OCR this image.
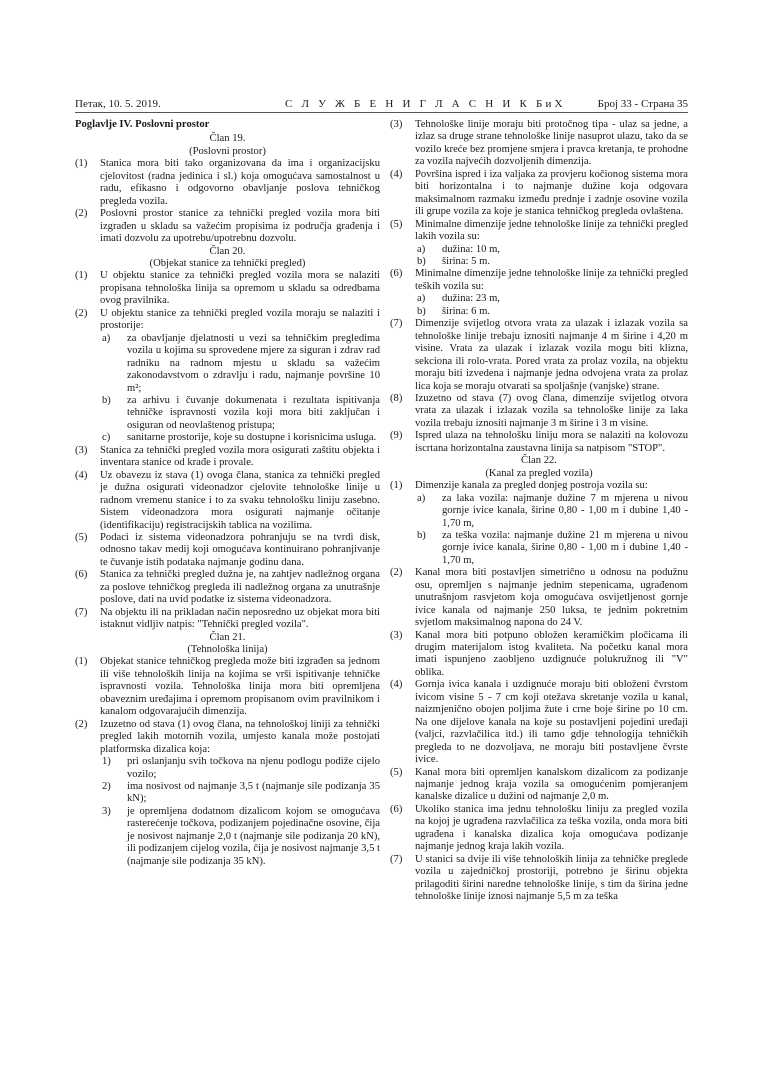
Петак, 10. 5. 2019.	С Л У Ж Б Е Н И Г Л А С Н И К БиХ	Број 33 - Страна 35
Poglavlje IV. Poslovni prostor
Član 19.
(Poslovni prostor)
(1) Stanica mora biti tako organizovana da ima i organizacijsku cjelovitost (radna jedinica i sl.) koja omogućava samostalnost u radu, efikasno i odgovorno obavljanje poslova tehničkog pregleda vozila.
(2) Poslovni prostor stanice za tehnički pregled vozila mora biti izgrađen u skladu sa važećim propisima iz područja građenja i imati dozvolu za upotrebu/upotrebnu dozvolu.
Član 20.
(Objekat stanice za tehnički pregled)
(1) U objektu stanice za tehnički pregled vozila mora se nalaziti propisana tehnološka linija sa opremom u skladu sa odredbama ovog pravilnika.
(2) U objektu stanice za tehnički pregled vozila moraju se nalaziti i prostorije:
a) za obavljanje djelatnosti u vezi sa tehničkim pregledima vozila u kojima su sprovedene mjere za siguran i zdrav rad radniku na radnom mjestu u skladu sa važećim zakonodavstvom o zdravlju i radu, najmanje površine 10 m²;
b) za arhivu i čuvanje dokumenata i rezultata ispitivanja tehničke ispravnosti vozila koji mora biti zaključan i osiguran od neovlaštenog pristupa;
c) sanitarne prostorije, koje su dostupne i korisnicima usluga.
(3) Stanica za tehnički pregled vozila mora osigurati zaštitu objekta i inventara stanice od krađe i provale.
(4) Uz obavezu iz stava (1) ovoga člana, stanica za tehnički pregled je dužna osigurati videonadzor cjelovite tehnološke linije u radnom vremenu stanice i to za svaku tehnološku liniju zasebno. Sistem videonadzora mora osigurati najmanje očitanje (identifikaciju) registracijskih tablica na vozilima.
(5) Podaci iz sistema videonadzora pohranjuju se na tvrdi disk, odnosno takav medij koji omogućava kontinuirano pohranjivanje te čuvanje istih podataka najmanje godinu dana.
(6) Stanica za tehnički pregled dužna je, na zahtjev nadležnog organa za poslove tehničkog pregleda ili nadležnog organa za unutrašnje poslove, dati na uvid podatke iz sistema videonadzora.
(7) Na objektu ili na prikladan način neposredno uz objekat mora biti istaknut vidljiv natpis: "Tehnički pregled vozila".
Član 21.
(Tehnološka linija)
(1) Objekat stanice tehničkog pregleda može biti izgrađen sa jednom ili više tehnoloških linija na kojima se vrši ispitivanje tehničke ispravnosti vozila. Tehnološka linija mora biti opremljena obaveznim uređajima i opremom propisanom ovim pravilnikom i kanalom odgovarajućih dimenzija.
(2) Izuzetno od stava (1) ovog člana, na tehnološkoj liniji za tehnički pregled lakih motornih vozila, umjesto kanala može postojati platformska dizalica koja:
1) pri oslanjanju svih točkova na njenu podlogu podiže cijelo vozilo;
2) ima nosivost od najmanje 3,5 t (najmanje sile podizanja 35 kN);
3) je opremljena dodatnom dizalicom kojom se omogućava rasterećenje točkova, podizanjem pojedinačne osovine, čija je nosivost najmanje 2,0 t (najmanje sile podizanja 20 kN), ili podizanjem cijelog vozila, čija je nosivost najmanje 3,5 t (najmanje sile podizanja 35 kN).
(3) Tehnološke linije moraju biti protočnog tipa - ulaz sa jedne, a izlaz sa druge strane tehnološke linije nasuprot ulazu, tako da se vozilo kreće bez promjene smjera i pravca kretanja, te prohodne za vozila najvećih dozvoljenih dimenzija.
(4) Površina ispred i iza valjaka za provjeru kočionog sistema mora biti horizontalna i to najmanje dužine koja odgovara maksimalnom razmaku između prednje i zadnje osovine vozila ili grupe vozila za koje je stanica tehničkog pregleda ovlaštena.
(5) Minimalne dimenzije jedne tehnološke linije za tehnički pregled lakih vozila su:
a) dužina: 10 m,
b) širina: 5 m.
(6) Minimalne dimenzije jedne tehnološke linije za tehnički pregled teških vozila su:
a) dužina: 23 m,
b) širina: 6 m.
(7) Dimenzije svijetlog otvora vrata za ulazak i izlazak vozila sa tehnološke linije trebaju iznositi najmanje 4 m širine i 4,20 m visine. Vrata za ulazak i izlazak vozila mogu biti klizna, sekciona ili rolo-vrata. Pored vrata za prolaz vozila, na objektu moraju biti izvedena i najmanje jedna odvojena vrata za prolaz lica koja se moraju otvarati sa spoljašnje (vanjske) strane.
(8) Izuzetno od stava (7) ovog člana, dimenzije svijetlog otvora vrata za ulazak i izlazak vozila sa tehnološke linije za laka vozila trebaju iznositi najmanje 3 m širine i 3 m visine.
(9) Ispred ulaza na tehnološku liniju mora se nalaziti na kolovozu iscrtana horizontalna zaustavna linija sa natpisom "STOP".
Član 22.
(Kanal za pregled vozila)
(1) Dimenzije kanala za pregled donjeg postroja vozila su:
a) za laka vozila: najmanje dužine 7 m mjerena u nivou gornje ivice kanala, širine 0,80 - 1,00 m i dubine 1,40 - 1,70 m,
b) za teška vozila: najmanje dužine 21 m mjerena u nivou gornje ivice kanala, širine 0,80 - 1,00 m i dubine 1,40 - 1,70 m,
(2) Kanal mora biti postavljen simetrično u odnosu na podužnu osu, opremljen s najmanje jednim stepenicama, ugrađenom unutrašnjom rasvjetom koja omogućava osvijetljenost gornje ivice kanala od najmanje 250 luksa, te jednim pokretnim svjetlom maksimalnog napona do 24 V.
(3) Kanal mora biti potpuno obložen keramičkim pločicama ili drugim materijalom istog kvaliteta. Na početku kanal mora imati ispunjeno zaobljeno uzdignuće polukružnog ili "V" oblika.
(4) Gornja ivica kanala i uzdignuće moraju biti obloženi čvrstom ivicom visine 5 - 7 cm koji otežava skretanje vozila u kanal, naizmjenično obojen poljima žute i crne boje širine po 10 cm. Na one dijelove kanala na koje su postavljeni pojedini uređaji (valjci, razvlačilica itd.) ili tamo gdje tehnologija tehničkih pregleda to ne dozvoljava, ne moraju biti postavljene čvrste ivice.
(5) Kanal mora biti opremljen kanalskom dizalicom za podizanje najmanje jednog kraja vozila sa omogućenim pomjeranjem kanalske dizalice u dužini od najmanje 2,0 m.
(6) Ukoliko stanica ima jednu tehnološku liniju za pregled vozila na kojoj je ugrađena razvlačilica za teška vozila, onda mora biti ugrađena i kanalska dizalica koja omogućava podizanje najmanje jednog kraja lakih vozila.
(7) U stanici sa dvije ili više tehnoloških linija za tehničke preglede vozila u zajedničkoj prostoriji, potrebno je širinu objekta prilagoditi širini naredne tehnološke linije, s tim da širina jedne tehnološke linije iznosi najmanje 5,5 m za teška
